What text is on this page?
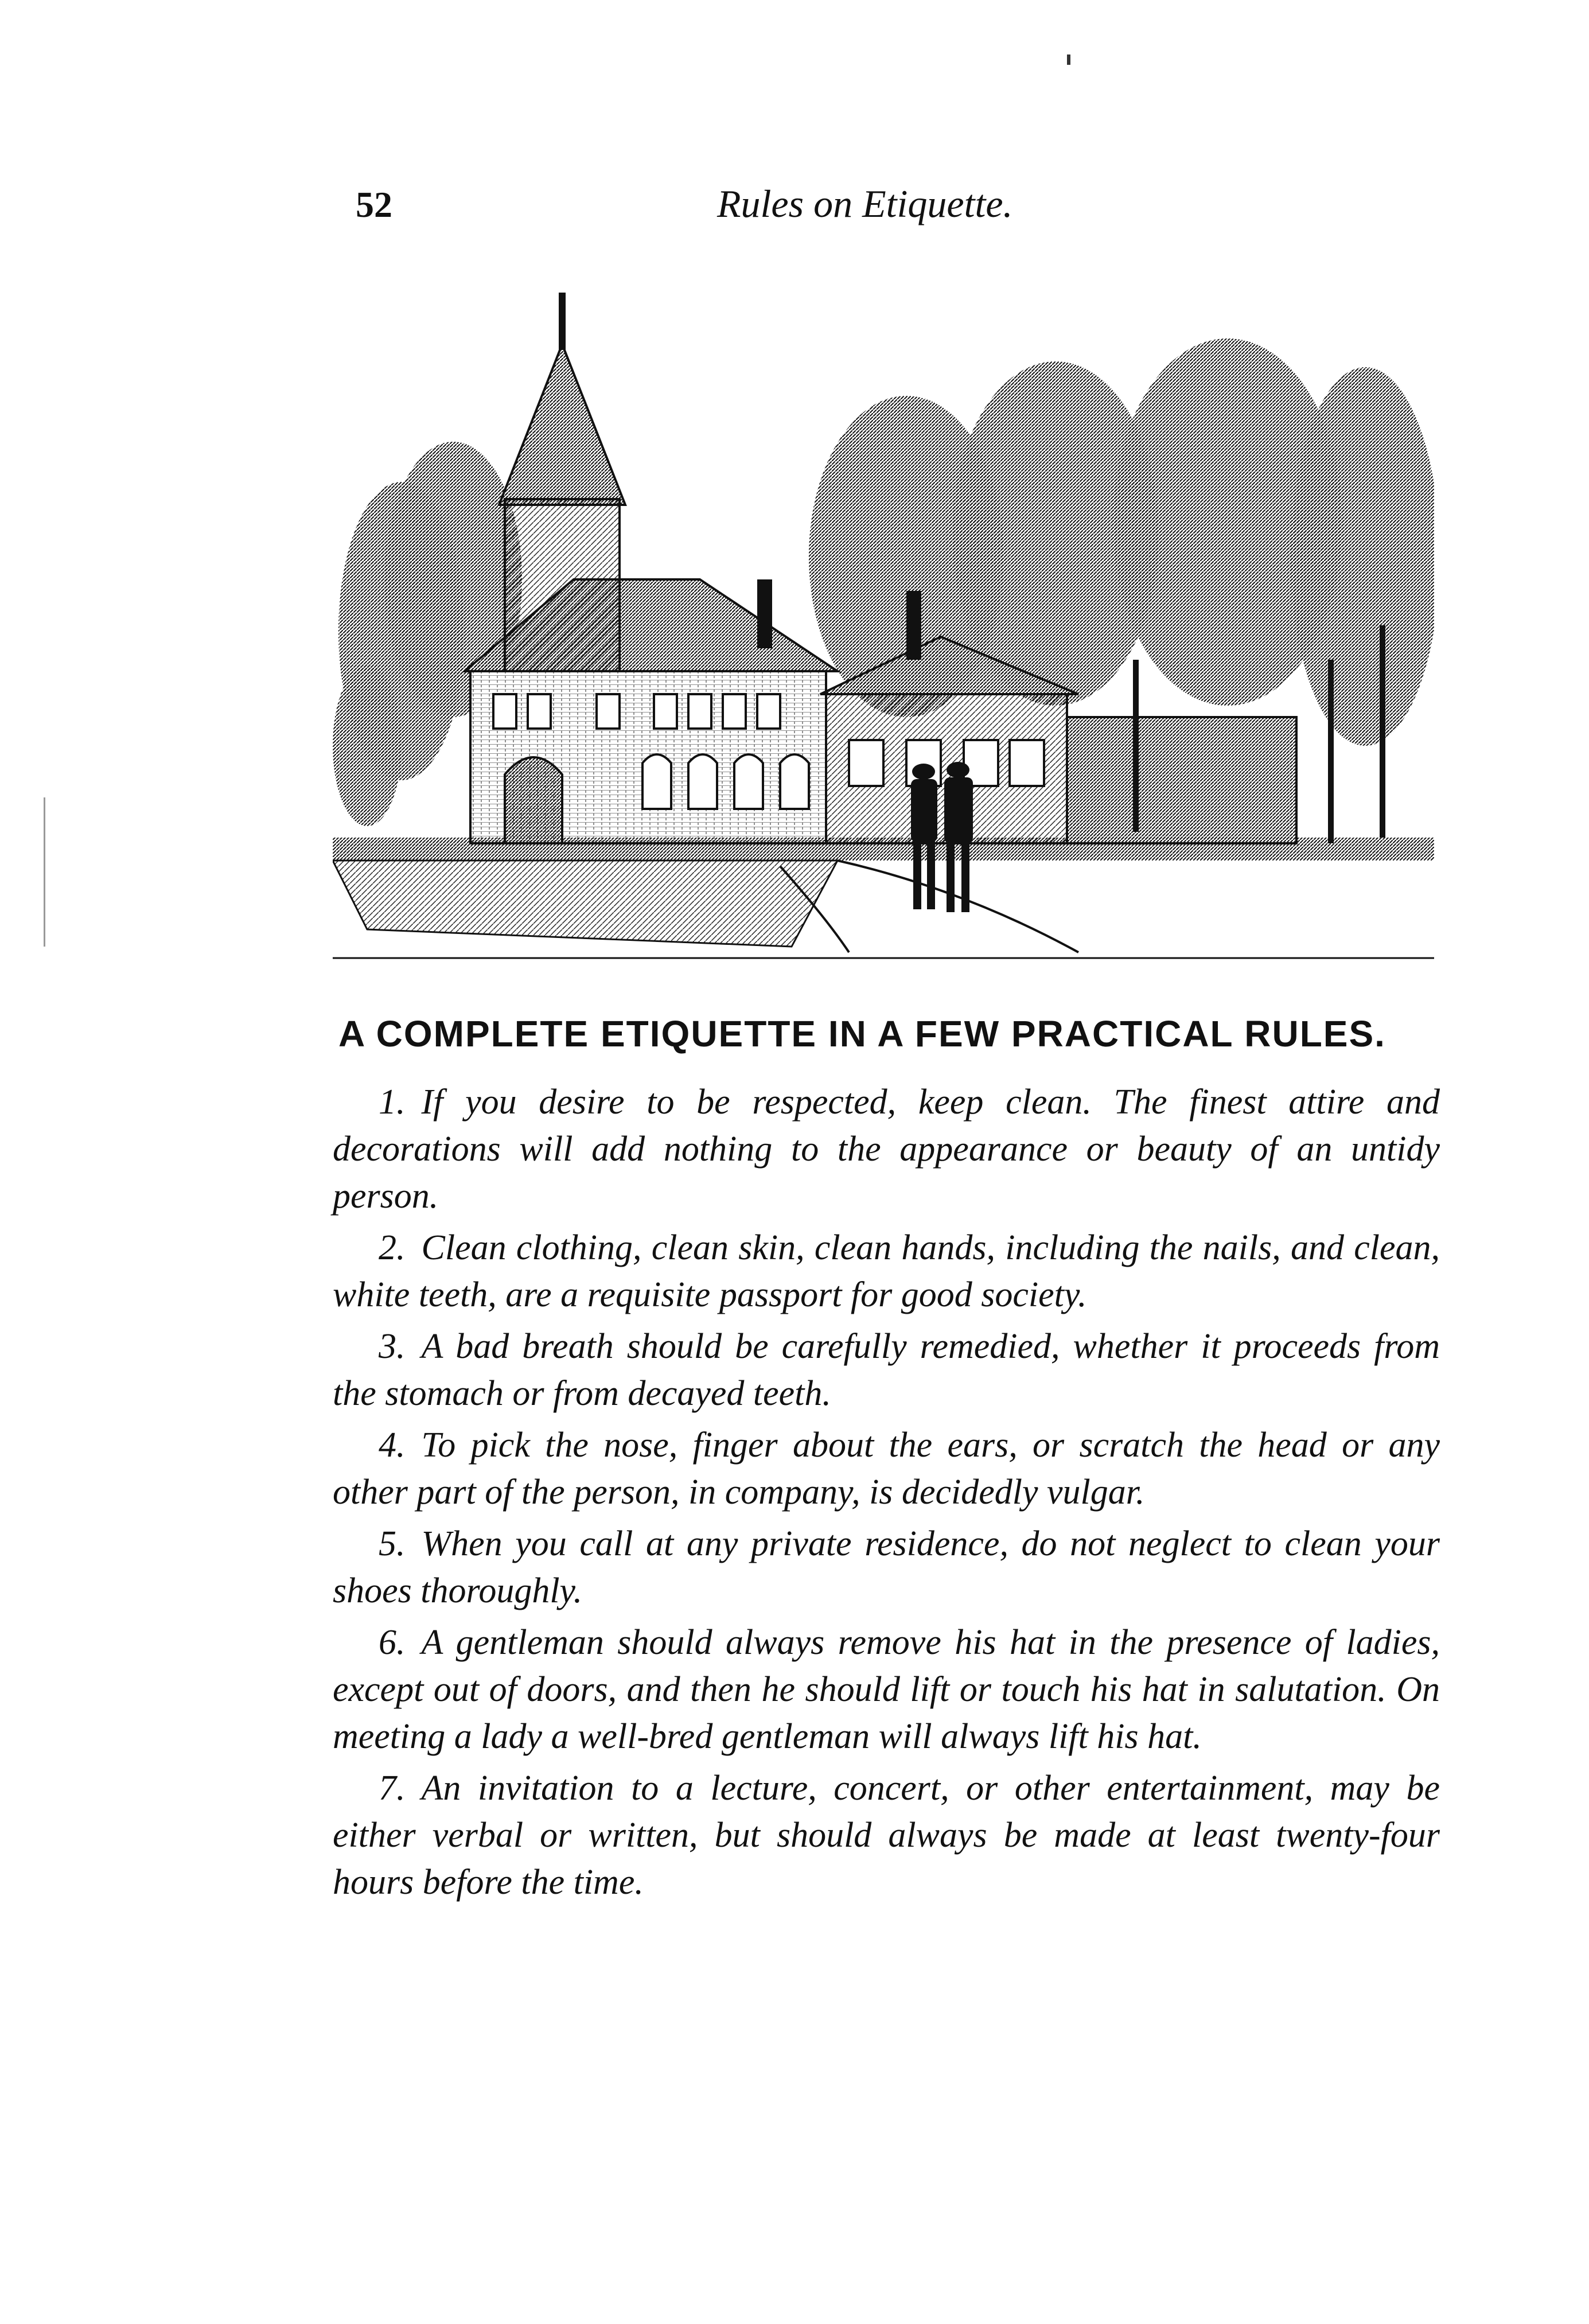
52	Rules on Etiquette.
A COMPLETE ETIQUETTE IN A FEW PRACTICAL RULES.

1. If you desire to be respected, keep clean. The finest attire and decorations will add nothing to the appearance or beauty of an untidy person.

2. Clean clothing, clean skin, clean hands, including the nails, and clean, white teeth, are a requisite passport for good society.

3. A bad breath should be carefully remedied, whether it proceeds from the stomach or from decayed teeth.

4. To pick the nose, finger about the ears, or scratch the head or any other part of the person, in company, is decidedly vulgar.

5. When you call at any private residence, do not neglect to clean your shoes thoroughly.

6. A gentleman should always remove his hat in the presence of ladies, except out of doors, and then he should lift or touch his hat in salutation. On meeting a lady a well-bred gentleman will always lift his hat.

7. An invitation to a lecture, concert, or other entertainment, may be either verbal or written, but should always be made at least twenty-four hours before the time.
